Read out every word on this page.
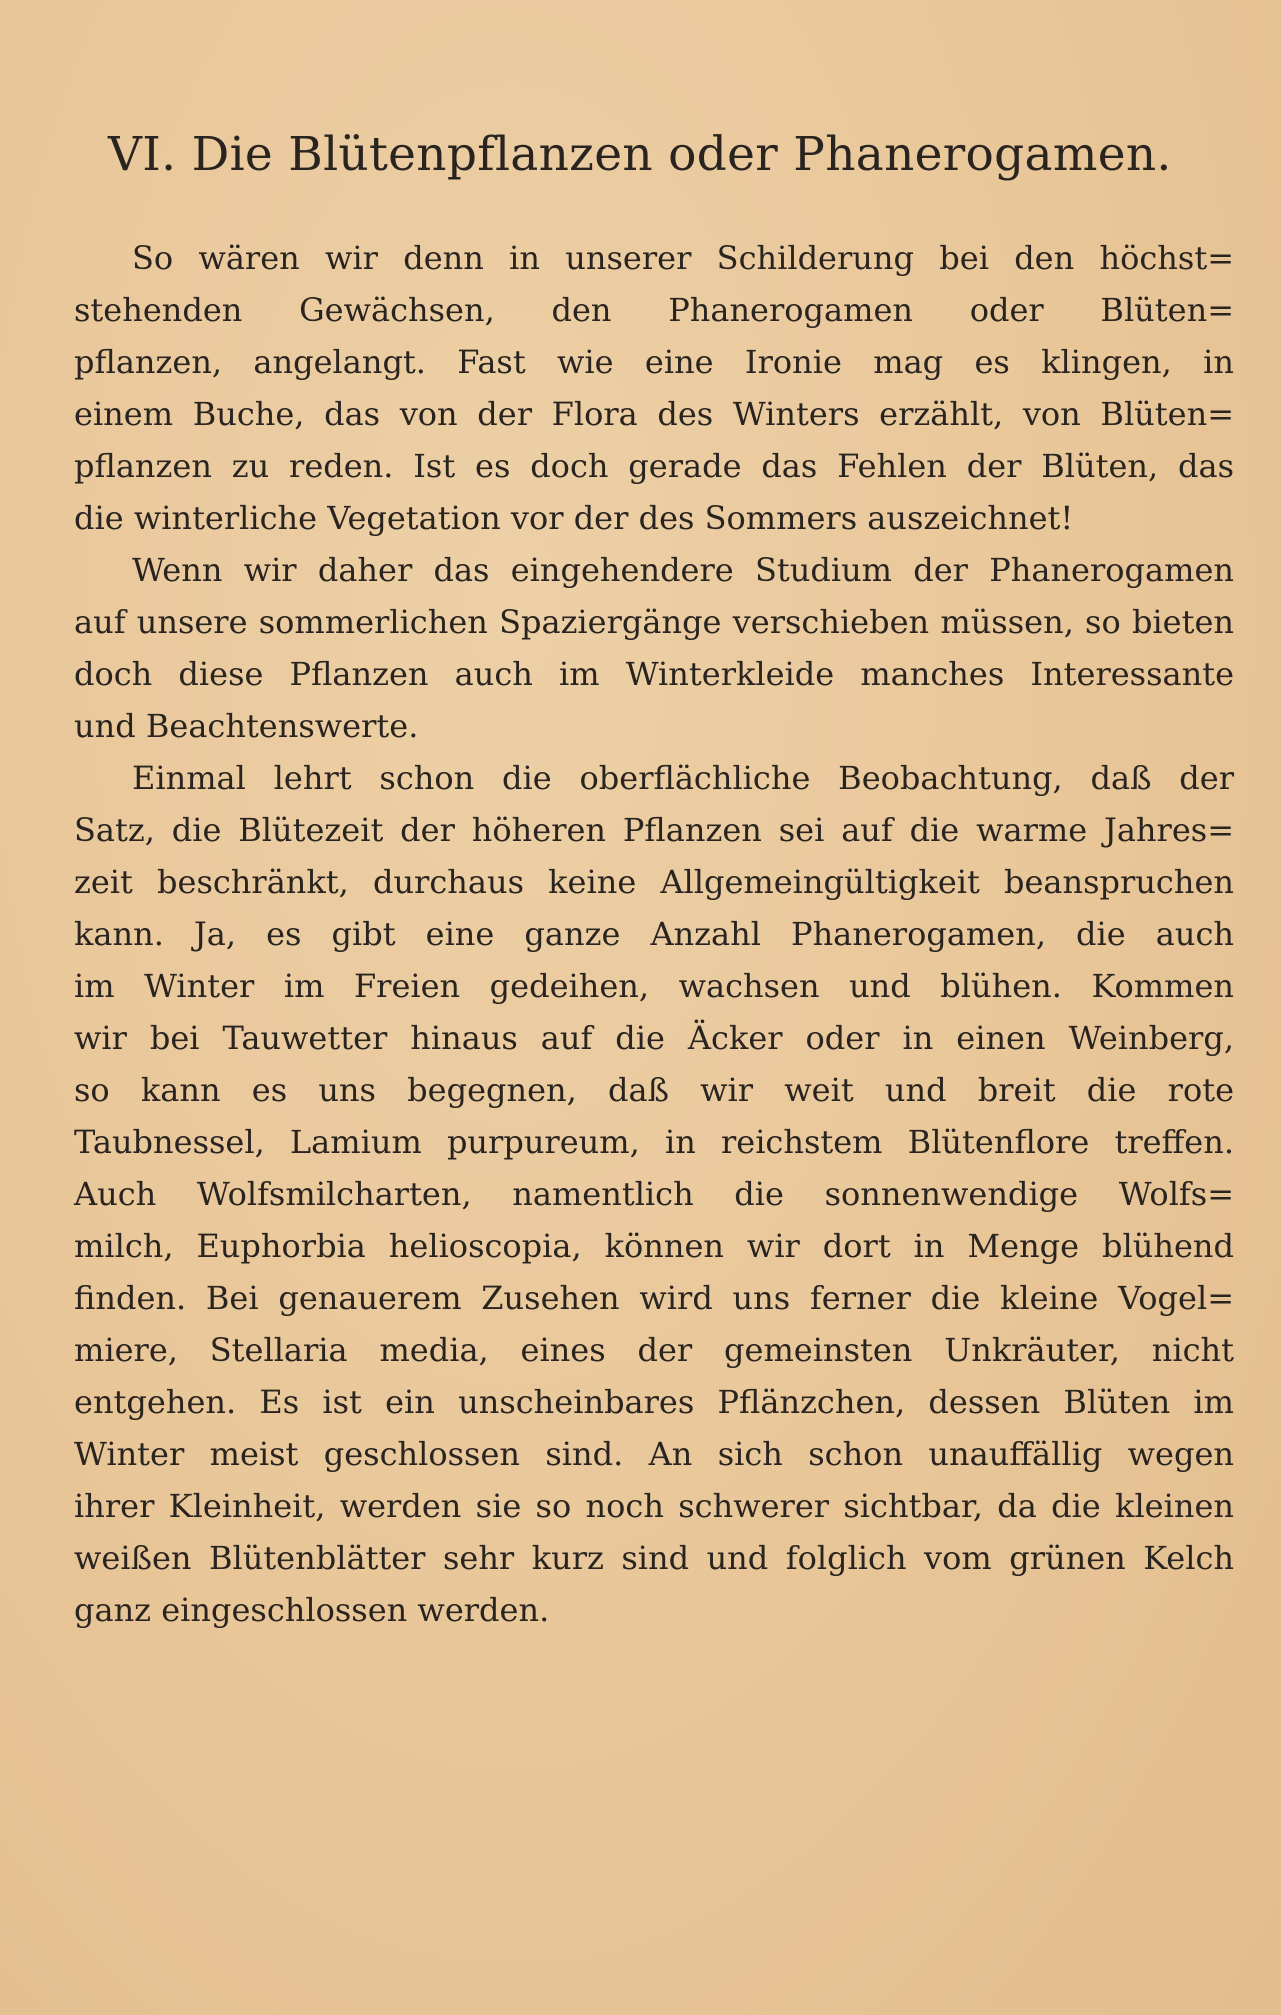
VI. Die Blütenpflanzen oder Phanerogamen.
So wären wir denn in unserer Schilderung bei den höchst=
stehenden Gewächsen, den Phanerogamen oder Blüten=
pflanzen, angelangt. Fast wie eine Ironie mag es klingen, in
einem Buche, das von der Flora des Winters erzählt, von Blüten=
pflanzen zu reden. Ist es doch gerade das Fehlen der Blüten, das
die winterliche Vegetation vor der des Sommers auszeichnet!
Wenn wir daher das eingehendere Studium der Phanerogamen
auf unsere sommerlichen Spaziergänge verschieben müssen, so bieten
doch diese Pflanzen auch im Winterkleide manches Interessante
und Beachtenswerte.
Einmal lehrt schon die oberflächliche Beobachtung, daß der
Satz, die Blütezeit der höheren Pflanzen sei auf die warme Jahres=
zeit beschränkt, durchaus keine Allgemeingültigkeit beanspruchen
kann. Ja, es gibt eine ganze Anzahl Phanerogamen, die auch
im Winter im Freien gedeihen, wachsen und blühen. Kommen
wir bei Tauwetter hinaus auf die Äcker oder in einen Weinberg,
so kann es uns begegnen, daß wir weit und breit die rote
Taubnessel, Lamium purpureum, in reichstem Blütenflore treffen.
Auch Wolfsmilcharten, namentlich die sonnenwendige Wolfs=
milch, Euphorbia helioscopia, können wir dort in Menge blühend
finden. Bei genauerem Zusehen wird uns ferner die kleine Vogel=
miere, Stellaria media, eines der gemeinsten Unkräuter, nicht
entgehen. Es ist ein unscheinbares Pflänzchen, dessen Blüten im
Winter meist geschlossen sind. An sich schon unauffällig wegen
ihrer Kleinheit, werden sie so noch schwerer sichtbar, da die kleinen
weißen Blütenblätter sehr kurz sind und folglich vom grünen Kelch
ganz eingeschlossen werden.
